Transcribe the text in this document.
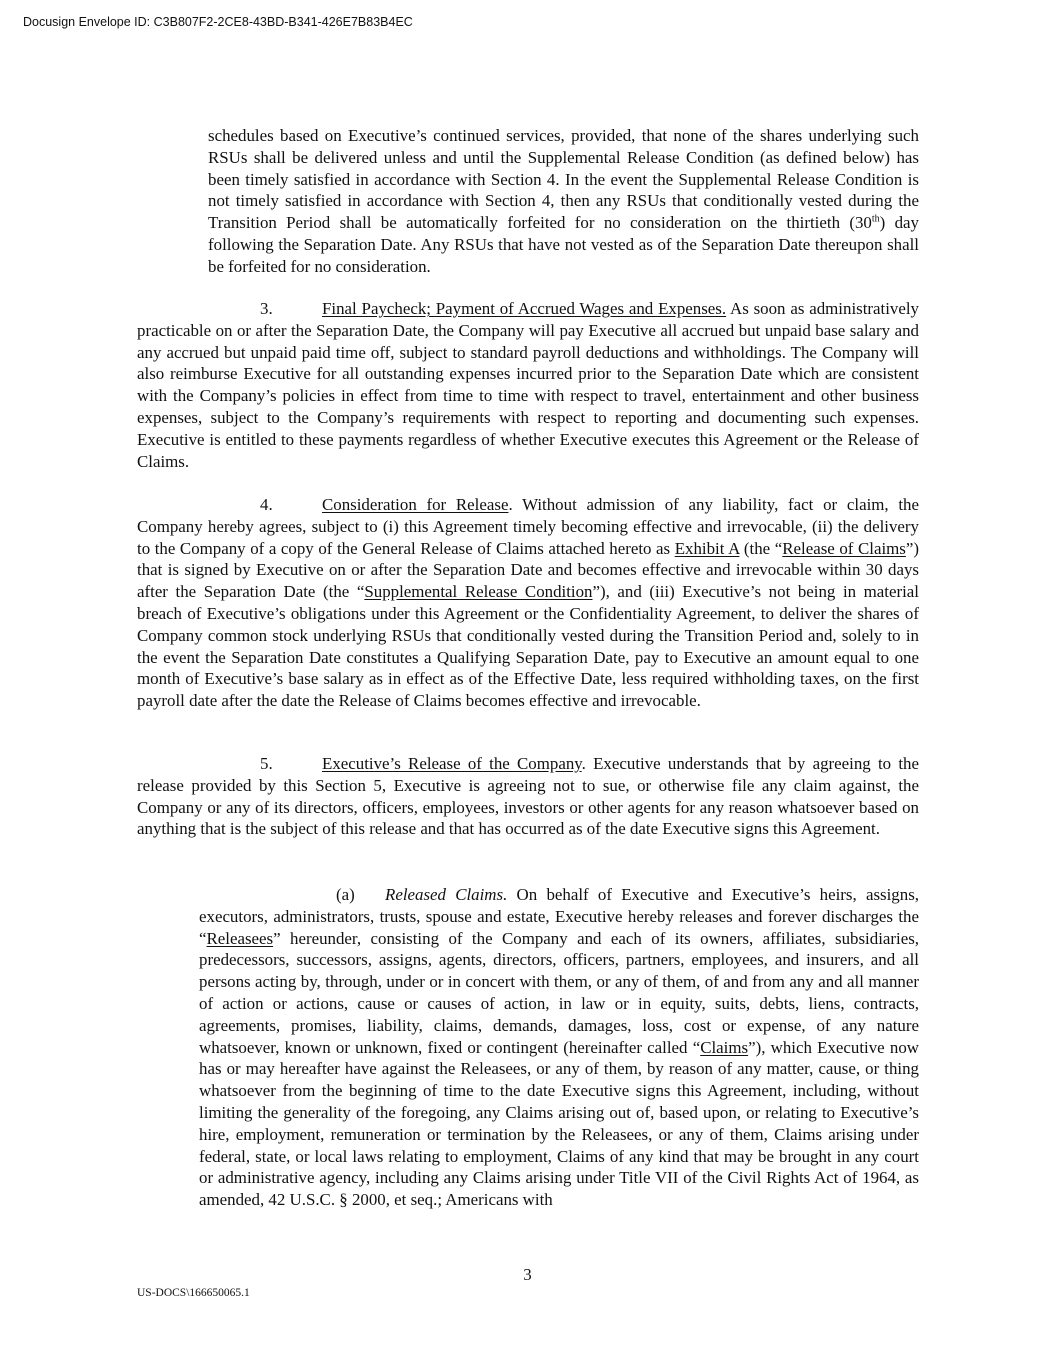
Docusign Envelope ID: C3B807F2-2CE8-43BD-B341-426E7B83B4EC

schedules based on Executive’s continued services, provided, that none of the shares underlying such RSUs shall be delivered unless and until the Supplemental Release Condition (as defined below) has been timely satisfied in accordance with Section 4. In the event the Supplemental Release Condition is not timely satisfied in accordance with Section 4, then any RSUs that conditionally vested during the Transition Period shall be automatically forfeited for no consideration on the thirtieth (30th) day following the Separation Date. Any RSUs that have not vested as of the Separation Date thereupon shall be forfeited for no consideration.

3.	Final Paycheck; Payment of Accrued Wages and Expenses. As soon as administratively practicable on or after the Separation Date, the Company will pay Executive all accrued but unpaid base salary and any accrued but unpaid paid time off, subject to standard payroll deductions and withholdings. The Company will also reimburse Executive for all outstanding expenses incurred prior to the Separation Date which are consistent with the Company’s policies in effect from time to time with respect to travel, entertainment and other business expenses, subject to the Company’s requirements with respect to reporting and documenting such expenses. Executive is entitled to these payments regardless of whether Executive executes this Agreement or the Release of Claims.

4.	Consideration for Release. Without admission of any liability, fact or claim, the Company hereby agrees, subject to (i) this Agreement timely becoming effective and irrevocable, (ii) the delivery to the Company of a copy of the General Release of Claims attached hereto as Exhibit A (the “Release of Claims”) that is signed by Executive on or after the Separation Date and becomes effective and irrevocable within 30 days after the Separation Date (the “Supplemental Release Condition”), and (iii) Executive’s not being in material breach of Executive’s obligations under this Agreement or the Confidentiality Agreement, to deliver the shares of Company common stock underlying RSUs that conditionally vested during the Transition Period and, solely to in the event the Separation Date constitutes a Qualifying Separation Date, pay to Executive an amount equal to one month of Executive’s base salary as in effect as of the Effective Date, less required withholding taxes, on the first payroll date after the date the Release of Claims becomes effective and irrevocable.

5.	Executive’s Release of the Company. Executive understands that by agreeing to the release provided by this Section 5, Executive is agreeing not to sue, or otherwise file any claim against, the Company or any of its directors, officers, employees, investors or other agents for any reason whatsoever based on anything that is the subject of this release and that has occurred as of the date Executive signs this Agreement.

(a) Released Claims. On behalf of Executive and Executive’s heirs, assigns, executors, administrators, trusts, spouse and estate, Executive hereby releases and forever discharges the “Releasees” hereunder, consisting of the Company and each of its owners, affiliates, subsidiaries, predecessors, successors, assigns, agents, directors, officers, partners, employees, and insurers, and all persons acting by, through, under or in concert with them, or any of them, of and from any and all manner of action or actions, cause or causes of action, in law or in equity, suits, debts, liens, contracts, agreements, promises, liability, claims, demands, damages, loss, cost or expense, of any nature whatsoever, known or unknown, fixed or contingent (hereinafter called “Claims”), which Executive now has or may hereafter have against the Releasees, or any of them, by reason of any matter, cause, or thing whatsoever from the beginning of time to the date Executive signs this Agreement, including, without limiting the generality of the foregoing, any Claims arising out of, based upon, or relating to Executive’s hire, employment, remuneration or termination by the Releasees, or any of them, Claims arising under federal, state, or local laws relating to employment, Claims of any kind that may be brought in any court or administrative agency, including any Claims arising under Title VII of the Civil Rights Act of 1964, as amended, 42 U.S.C. § 2000, et seq.; Americans with

3
US-DOCS\166650065.1
